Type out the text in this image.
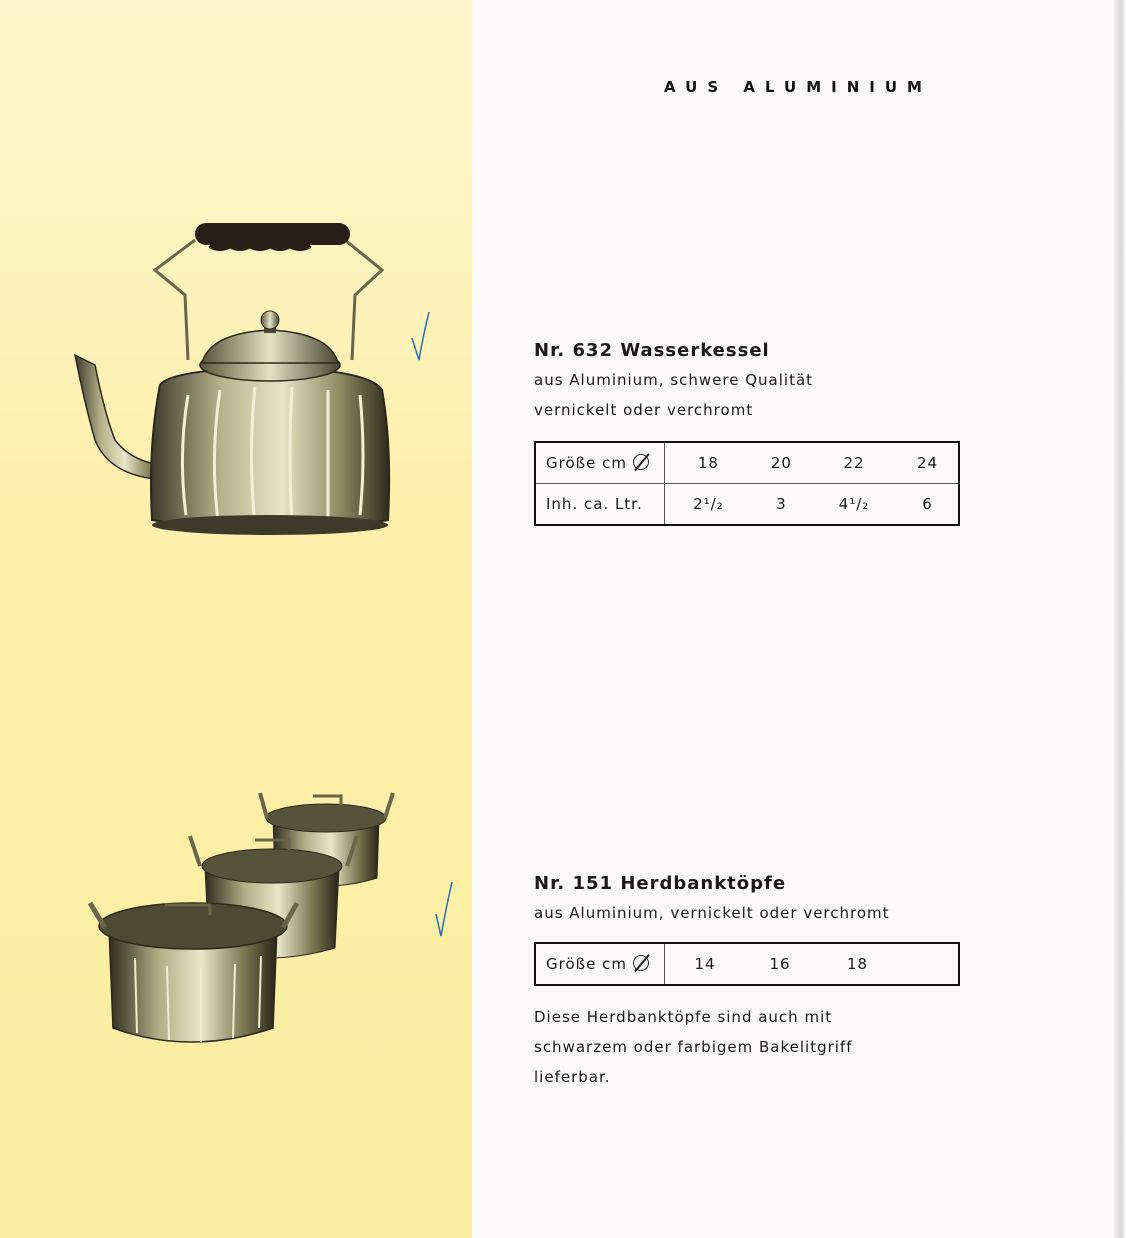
AUS ALUMINIUM

Nr. 632 Wasserkessel

aus Aluminium, schwere Qualität

vernickelt oder verchromt

Größe cm	18	20	22	24
Inh. ca. Ltr.	2¹/₂	3	4¹/₂	6

Nr. 151 Herdbanktöpfe

aus Aluminium, vernickelt oder verchromt

Größe cm	14	16	18	

Diese Herdbanktöpfe sind auch mit

schwarzem oder farbigem Bakelitgriff

lieferbar.
